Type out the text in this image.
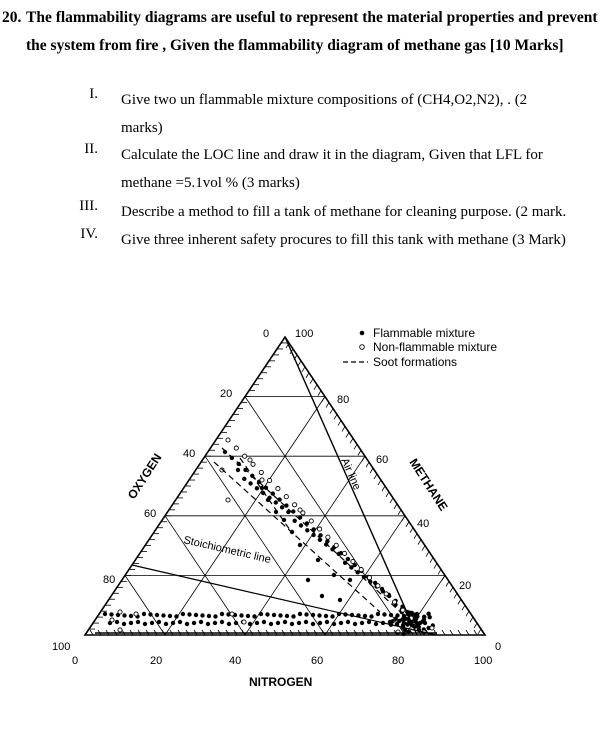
20. The flammability diagrams are useful to represent the material properties and prevent the system from fire , Given the flammability diagram of methane gas [10 Marks]
I. Give two un flammable mixture compositions of (CH4,O2,N2), . (2
marks)
II. Calculate the LOC line and draw it in the diagram, Given that LFL for
methane =5.1vol % (3 marks)
III. Describe a method to fill a tank of methane for cleaning purpose. (2 mark.
IV. Give three inherent safety procures to fill this tank with methane (3 Mark)
Air line
Stoichiometric line
OXYGEN	METHANE
NITROGEN
0 100
100	0
20
40
60
80
80
60
40
20
0	20	40	60	80	100
Flammable mixture
Non-flammable mixture
Soot formations
